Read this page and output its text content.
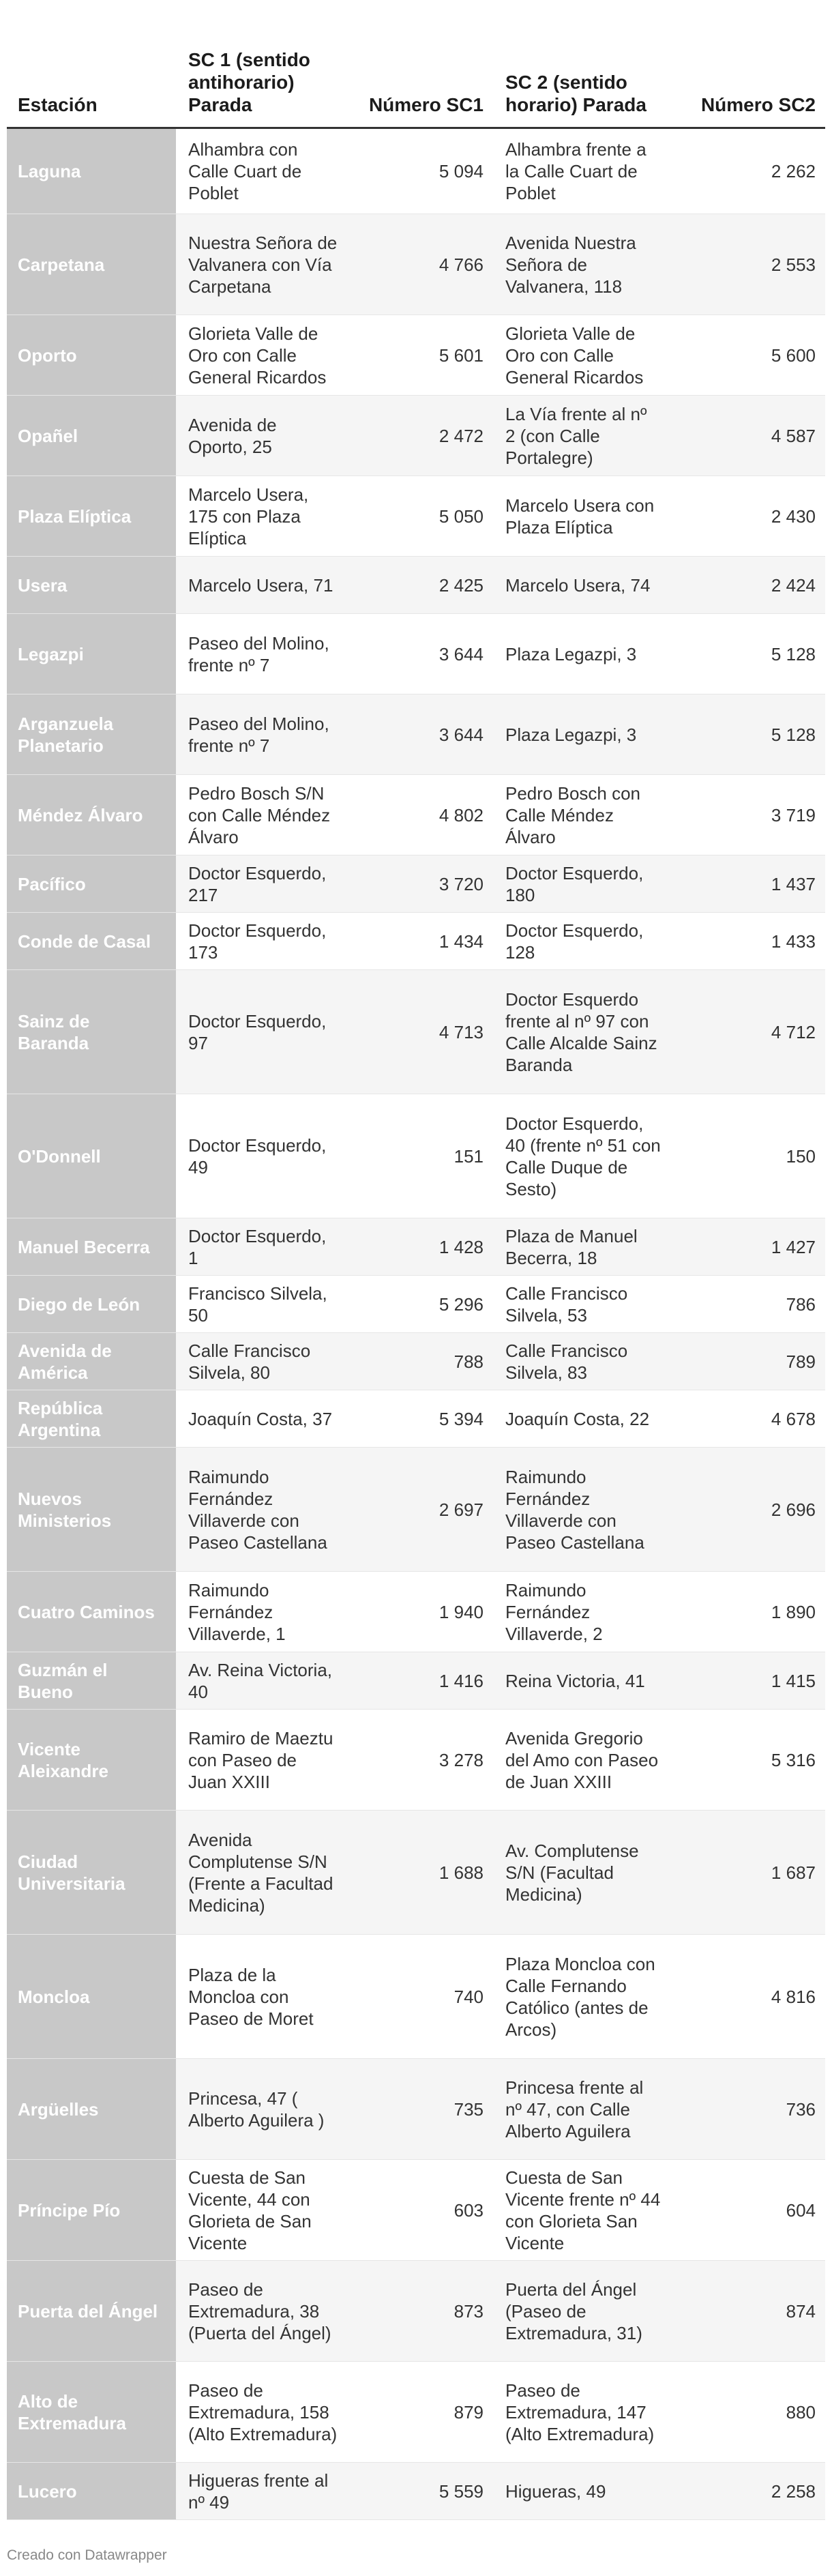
Estación	SC 1 (sentido antihorario) Parada	Número SC1	SC 2 (sentido horario) Parada	Número SC2
Laguna	Alhambra con Calle Cuart de Poblet	5 094	Alhambra frente a la Calle Cuart de Poblet	2 262
Carpetana	Nuestra Señora de Valvanera con Vía Carpetana	4 766	Avenida Nuestra Señora de Valvanera, 118	2 553
Oporto	Glorieta Valle de Oro con Calle General Ricardos	5 601	Glorieta Valle de Oro con Calle General Ricardos	5 600
Opañel	Avenida de Oporto, 25	2 472	La Vía frente al nº 2 (con Calle Portalegre)	4 587
Plaza Elíptica	Marcelo Usera, 175 con Plaza Elíptica	5 050	Marcelo Usera con Plaza Elíptica	2 430
Usera	Marcelo Usera, 71	2 425	Marcelo Usera, 74	2 424
Legazpi	Paseo del Molino, frente nº 7	3 644	Plaza Legazpi, 3	5 128
Arganzuela Planetario	Paseo del Molino, frente nº 7	3 644	Plaza Legazpi, 3	5 128
Méndez Álvaro	Pedro Bosch S/N con Calle Méndez Álvaro	4 802	Pedro Bosch con Calle Méndez Álvaro	3 719
Pacífico	Doctor Esquerdo, 217	3 720	Doctor Esquerdo, 180	1 437
Conde de Casal	Doctor Esquerdo, 173	1 434	Doctor Esquerdo, 128	1 433
Sainz de Baranda	Doctor Esquerdo, 97	4 713	Doctor Esquerdo frente al nº 97 con Calle Alcalde Sainz Baranda	4 712
O'Donnell	Doctor Esquerdo, 49	151	Doctor Esquerdo, 40 (frente nº 51 con Calle Duque de Sesto)	150
Manuel Becerra	Doctor Esquerdo, 1	1 428	Plaza de Manuel Becerra, 18	1 427
Diego de León	Francisco Silvela, 50	5 296	Calle Francisco Silvela, 53	786
Avenida de América	Calle Francisco Silvela, 80	788	Calle Francisco Silvela, 83	789
República Argentina	Joaquín Costa, 37	5 394	Joaquín Costa, 22	4 678
Nuevos Ministerios	Raimundo Fernández Villaverde con Paseo Castellana	2 697	Raimundo Fernández Villaverde con Paseo Castellana	2 696
Cuatro Caminos	Raimundo Fernández Villaverde, 1	1 940	Raimundo Fernández Villaverde, 2	1 890
Guzmán el Bueno	Av. Reina Victoria, 40	1 416	Reina Victoria, 41	1 415
Vicente Aleixandre	Ramiro de Maeztu con Paseo de Juan XXIII	3 278	Avenida Gregorio del Amo con Paseo de Juan XXIII	5 316
Ciudad Universitaria	Avenida Complutense S/N (Frente a Facultad Medicina)	1 688	Av. Complutense S/N (Facultad Medicina)	1 687
Moncloa	Plaza de la Moncloa con Paseo de Moret	740	Plaza Moncloa con Calle Fernando Católico (antes de Arcos)	4 816
Argüelles	Princesa, 47 ( Alberto Aguilera )	735	Princesa frente al nº 47, con Calle Alberto Aguilera	736
Príncipe Pío	Cuesta de San Vicente, 44 con Glorieta de San Vicente	603	Cuesta de San Vicente frente nº 44 con Glorieta San Vicente	604
Puerta del Ángel	Paseo de Extremadura, 38 (Puerta del Ángel)	873	Puerta del Ángel (Paseo de Extremadura, 31)	874
Alto de Extremadura	Paseo de Extremadura, 158 (Alto Extremadura)	879	Paseo de Extremadura, 147 (Alto Extremadura)	880
Lucero	Higueras frente al nº 49	5 559	Higueras, 49	2 258
Creado con Datawrapper
